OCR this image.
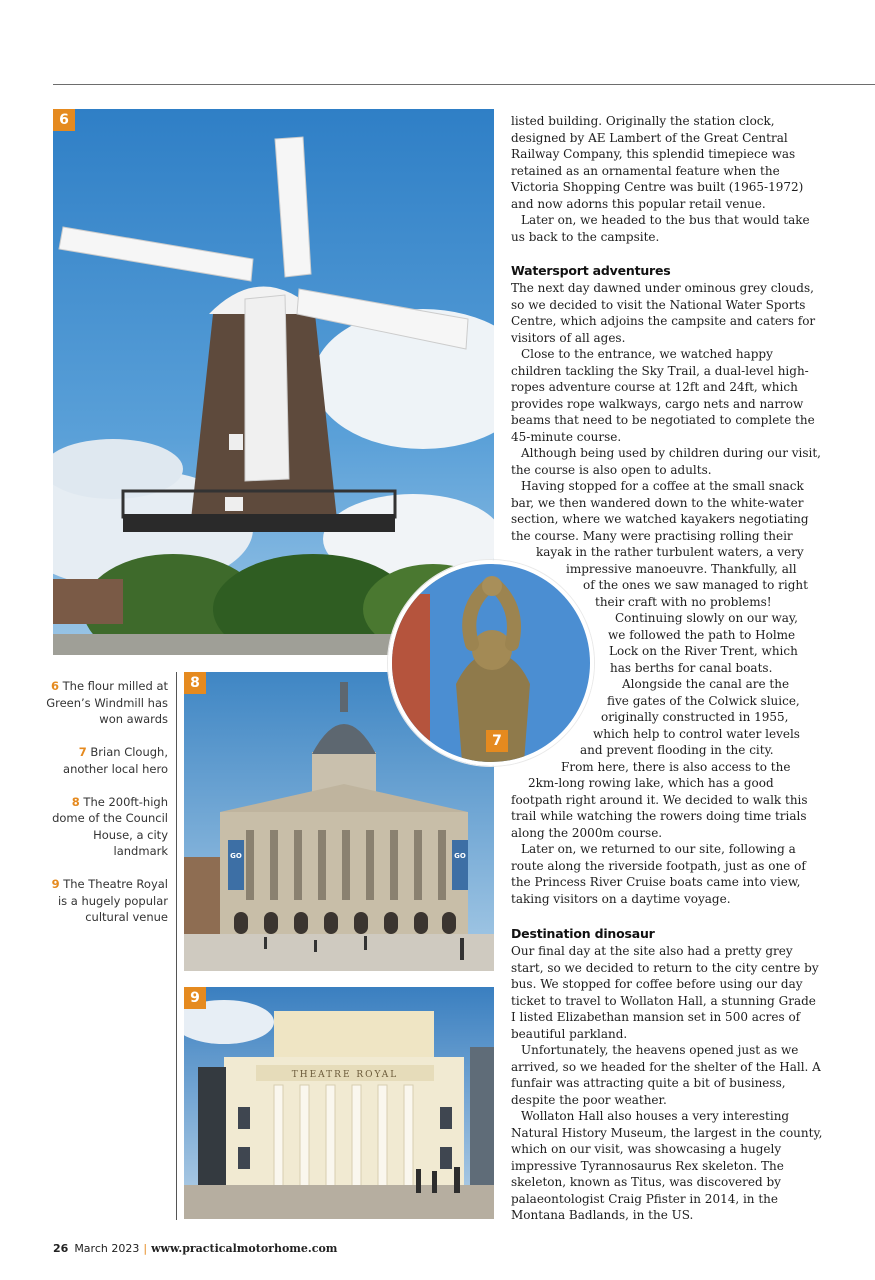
6
8
GO	GO
9
THEATRE ROYAL
7
6 The flour milled at Green’s Windmill has won awards
7 Brian Clough, another local hero
8 The 200ft-high dome of the Council House, a city landmark
9 The Theatre Royal is a hugely popular cultural venue

listed building. Originally the station clock, designed by AE Lambert of the Great Central Railway Company, this splendid timepiece was retained as an ornamental feature when the Victoria Shopping Centre was built (1965-1972) and now adorns this popular retail venue.

Later on, we headed to the bus that would take us back to the campsite.

Watersport adventures

The next day dawned under ominous grey clouds, so we decided to visit the National Water Sports Centre, which adjoins the campsite and caters for visitors of all ages.

Close to the entrance, we watched happy children tackling the Sky Trail, a dual-level high-ropes adventure course at 12ft and 24ft, which provides rope walkways, cargo nets and narrow beams that need to be negotiated to complete the 45-minute course.

Although being used by children during our visit, the course is also open to adults.

Having stopped for a coffee at the small snack bar, we then wandered down to the white-water section, where we watched kayakers negotiating the course. Many were practising rolling their

kayak in the rather turbulent waters, a very

impressive manoeuvre. Thankfully, all

of the ones we saw managed to right

their craft with no problems!

Continuing slowly on our way,

we followed the path to Holme

Lock on the River Trent, which

has berths for canal boats.

Alongside the canal are the

five gates of the Colwick sluice,

originally constructed in 1955,

which help to control water levels

and prevent flooding in the city.

From here, there is also access to the

2km-long rowing lake, which has a good

footpath right around it. We decided to walk this trail while watching the rowers doing time trials along the 2000m course.

Later on, we returned to our site, following a route along the riverside footpath, just as one of the Princess River Cruise boats came into view, taking visitors on a daytime voyage.

Destination dinosaur

Our final day at the site also had a pretty grey start, so we decided to return to the city centre by bus. We stopped for coffee before using our day ticket to travel to Wollaton Hall, a stunning Grade I listed Elizabethan mansion set in 500 acres of beautiful parkland.

Unfortunately, the heavens opened just as we arrived, so we headed for the shelter of the Hall. A funfair was attracting quite a bit of business, despite the poor weather.

Wollaton Hall also houses a very interesting Natural History Museum, the largest in the county, which on our visit, was showcasing a hugely impressive Tyrannosaurus Rex skeleton. The skeleton, known as Titus, was discovered by palaeontologist Craig Pfister in 2014, in the Montana Badlands, in the US.

26 March 2023 | www.practicalmotorhome.com
